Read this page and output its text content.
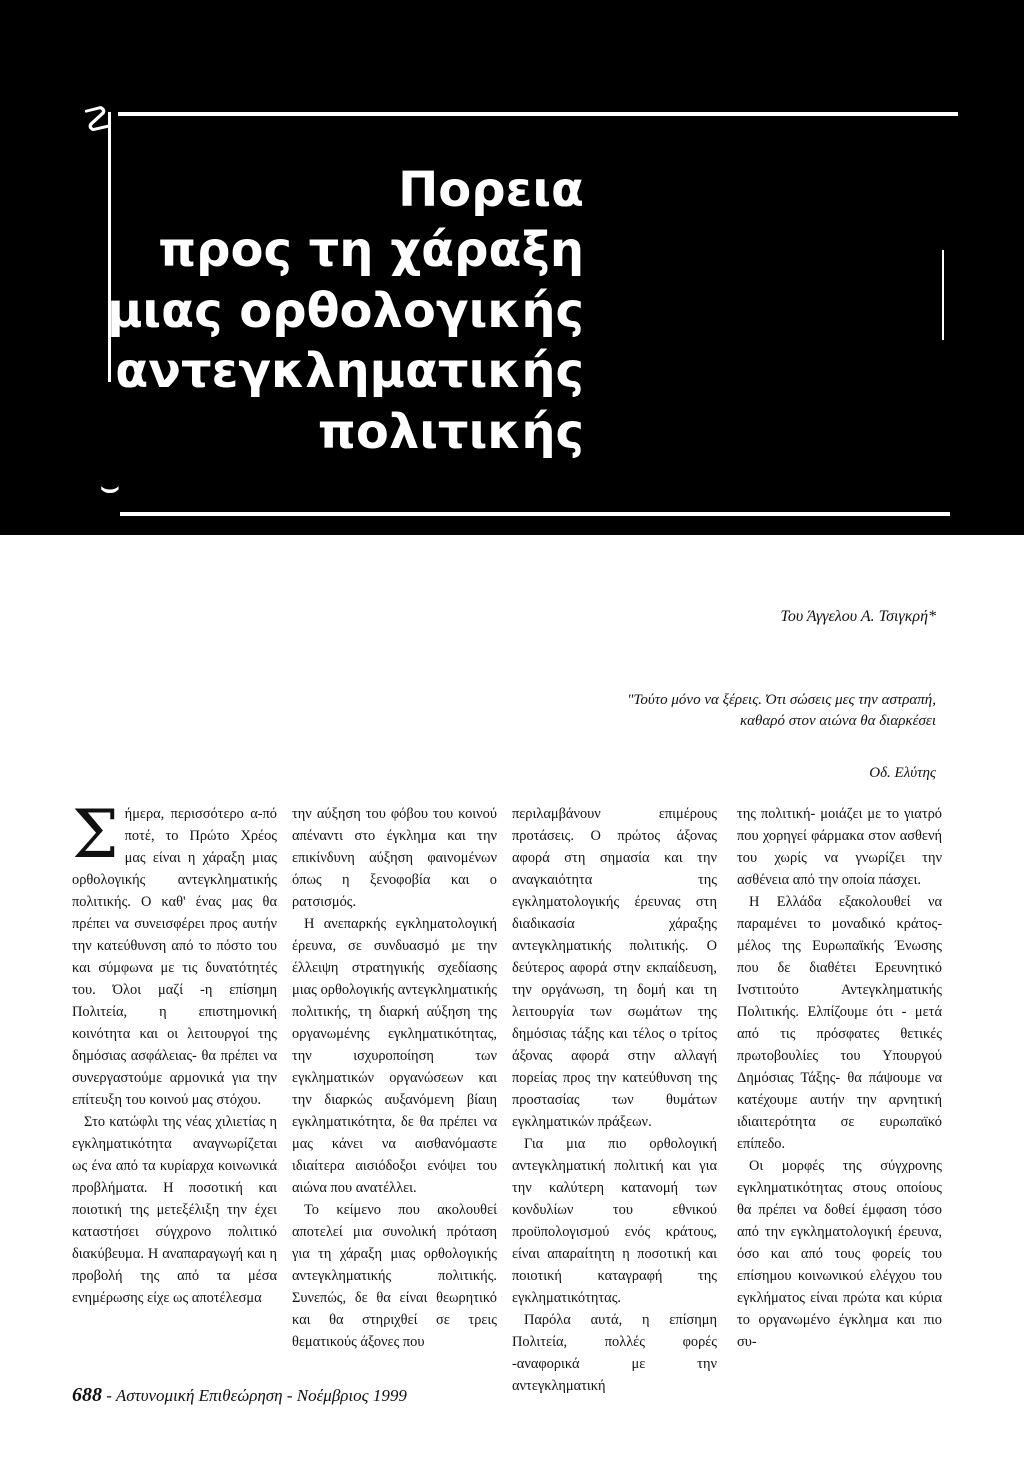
☡
⌣
Πορεια
προς τη χάραξη
μιας ορθολογικής
αντεγκληματικής
πολιτικής
Του Άγγελου Α. Τσιγκρή*
"Τούτο μόνο να ξέρεις. Ότι σώσεις μες την αστραπή,
καθαρό στον αιώνα θα διαρκέσει
Οδ. Ελύτης
Σ ήμερα, περισσότερο α-πό ποτέ, το Πρώτο Χρέος μας είναι η χάραξη μιας ορθολογικής αντεγκληματικής πολιτικής. Ο καθ' ένας μας θα πρέπει να συνεισφέρει προς αυτήν την κατεύθυνση από το πόστο του και σύμφωνα με τις δυνατότητές του. Όλοι μαζί -η επίσημη Πολιτεία, η επιστημονική κοινότητα και οι λειτουργοί της δημόσιας ασφάλειας- θα πρέπει να συνεργαστούμε αρμονικά για την επίτευξη του κοινού μας στόχου.

Στο κατώφλι της νέας χιλιετίας η εγκληματικότητα αναγνωρίζεται ως ένα από τα κυρίαρχα κοινωνικά προβλήματα. Η ποσοτική και ποιοτική της μετεξέλιξη την έχει καταστήσει σύγχρονο πολιτικό διακύβευμα. Η αναπαραγωγή και η προβολή της από τα μέσα ενημέρωσης είχε ως αποτέλεσμα

την αύξηση του φόβου του κοινού απέναντι στο έγκλημα και την επικίνδυνη αύξηση φαινομένων όπως η ξενοφοβία και ο ρατσισμός.

Η ανεπαρκής εγκληματολογική έρευνα, σε συνδυασμό με την έλλειψη στρατηγικής σχεδίασης μιας ορθολογικής αντεγκληματικής πολιτικής, τη διαρκή αύξηση της οργανωμένης εγκληματικότητας, την ισχυροποίηση των εγκληματικών οργανώσεων και την διαρκώς αυξανόμενη βίαιη εγκληματικότητα, δε θα πρέπει να μας κάνει να αισθανόμαστε ιδιαίτερα αισιόδοξοι ενόψει του αιώνα που ανατέλλει.

Το κείμενο που ακολουθεί αποτελεί μια συνολική πρόταση για τη χάραξη μιας ορθολογικής αντεγκληματικής πολιτικής. Συνεπώς, δε θα είναι θεωρητικό και θα στηριχθεί σε τρεις θεματικούς άξονες που

περιλαμβάνουν επιμέρους προτάσεις. Ο πρώτος άξονας αφορά στη σημασία και την αναγκαιότητα της εγκληματολογικής έρευνας στη διαδικασία χάραξης αντεγκληματικής πολιτικής. Ο δεύτερος αφορά στην εκπαίδευση, την οργάνωση, τη δομή και τη λειτουργία των σωμάτων της δημόσιας τάξης και τέλος ο τρίτος άξονας αφορά στην αλλαγή πορείας προς την κατεύθυνση της προστασίας των θυμάτων εγκληματικών πράξεων.

Για μια πιο ορθολογική αντεγκληματική πολιτική και για την καλύτερη κατανομή των κονδυλίων του εθνικού προϋπολογισμού ενός κράτους, είναι απαραίτητη η ποσοτική και ποιοτική καταγραφή της εγκληματικότητας.

Παρόλα αυτά, η επίσημη Πολιτεία, πολλές φορές -αναφορικά με την αντεγκληματική

της πολιτική- μοιάζει με το γιατρό που χορηγεί φάρμακα στον ασθενή του χωρίς να γνωρίζει την ασθένεια από την οποία πάσχει.

Η Ελλάδα εξακολουθεί να παραμένει το μοναδικό κράτος-μέλος της Ευρωπαϊκής Ένωσης που δε διαθέτει Ερευνητικό Ινστιτούτο Αντεγκληματικής Πολιτικής. Ελπίζουμε ότι - μετά από τις πρόσφατες θετικές πρωτοβουλίες του Υπουργού Δημόσιας Τάξης- θα πάψουμε να κατέχουμε αυτήν την αρνητική ιδιαιτερότητα σε ευρωπαϊκό επίπεδο.

Οι μορφές της σύγχρονης εγκληματικότητας στους οποίους θα πρέπει να δοθεί έμφαση τόσο από την εγκληματολογική έρευνα, όσο και από τους φορείς του επίσημου κοινωνικού ελέγχου του εγκλήματος είναι πρώτα και κύρια το οργανωμένο έγκλημα και πιο συ-

688 - Αστυνομική Επιθεώρηση - Νοέμβριος 1999
